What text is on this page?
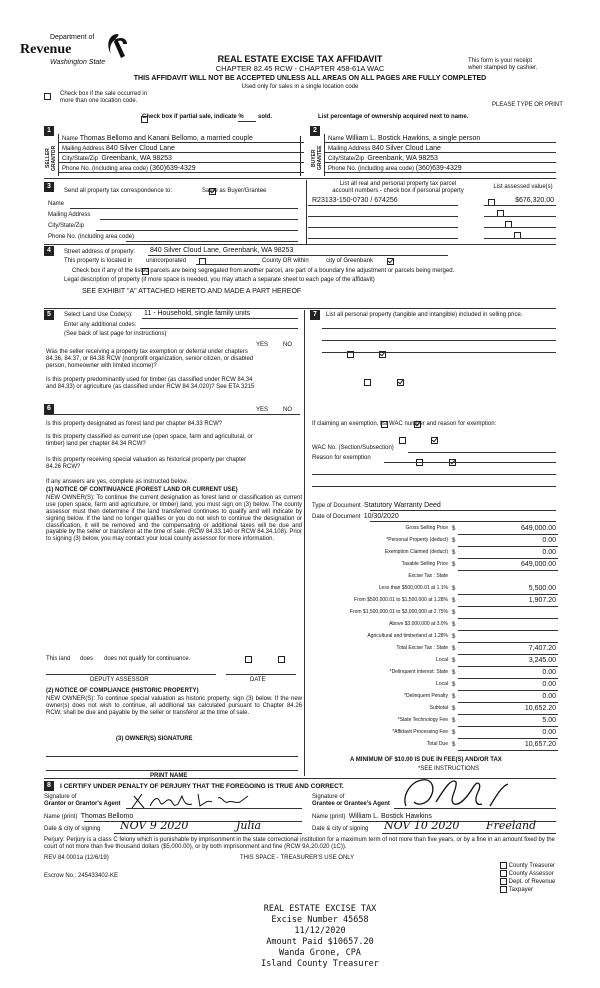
Department of
Revenue
Washington State	REAL ESTATE EXCISE TAX AFFIDAVIT
CHAPTER 82.45 RCW - CHAPTER 458-61A WAC
THIS AFFIDAVIT WILL NOT BE ACCEPTED UNLESS ALL AREAS ON ALL PAGES ARE FULLY COMPLETED
Used only for sales in a single location code
This form is your receipt
when stamped by cashier.

Check box if the sale occurred in
more than one location code.
PLEASE TYPE OR PRINT

Check box if partial sale, indicate % sold.	List percentage of ownership acquired next to name.
1
SELLER GRANTOR
Name
Thomas Bellomo and Kanani Bellomo, a married couple
Mailing Address
840 Silver Cloud Lane
City/State/Zip
Greenbank, WA 98253
Phone No. (including area code)
(360)639-4329
2
BUYER GRANTEE
Name
William L. Bostick Hawkins, a single person
Mailing Address
840 Silver Cloud Lane
City/State/Zip
Greenbank, WA 98253
Phone No. (including area code)
(360)639-4329
3
Send all property tax correspondence to:
	Same as Buyer/Grantee
Name
Mailing Address
City/State/Zip
Phone No. (including area code)
List all real and personal property tax parcel
account numbers - check box if personal property
List assessed value(s)
R23133-150-0730 / 674256
	$676,320.00
4	Street address of property: 840 Silver Cloud Lane, Greenbank, WA 98253
This property is located in
unincorporated	County OR within
	city of Greenbank

Check box if any of the listed parcels are being segregated from another parcel, are part of a boundary line adjustment or parcels being merged.
Legal description of property (if more space is needed, you may attach a separate sheet to each page of the affidavit)
SEE EXHIBIT "A" ATTACHED HERETO AND MADE A PART HEREOF
5	Select Land Use Code(s): 11 - Household, single family units
Enter any additional codes:
(See back of last page for instructions)
YES NO
Was the seller receiving a property tax exemption or deferral under chapters 84.36, 84.37, or 84.38 RCW (nonprofit organization, senior citizen, or disabled person, homeowner with limited income)?

Is this property predominantly used for timber (as classified under RCW 84.34 and 84.33) or agriculture (as classified under RCW 84.34.020)? See ETA 3215

6	YES NO
Is this property designated as forest land per chapter 84.33 RCW?

Is this property classified as current use (open space, farm and agricultural, or timber) land per chapter 84.34 RCW?

Is this property receiving special valuation as historical property per chapter 84.26 RCW?

If any answers are yes, complete as instructed below.
(1) NOTICE OF CONTINUANCE (FOREST LAND OR CURRENT USE)
NEW OWNER(S): To continue the current designation as forest land or classification as current use (open space, farm and agriculture, or timber) land, you must sign on (3) below. The county assessor must then determine if the land transferred continues to qualify and will indicate by signing below. If the land no longer qualifies or you do not wish to continue the designation or classification, it will be removed and the compensating or additional taxes will be due and payable by the seller or transferor at the time of sale. (RCW 84.33.140 or RCW 84.34.108). Prior to signing (3) below, you may contact your local county assessor for more information.
This land
does does not qualify for continuance.
DEPUTY ASSESSOR	DATE
(2) NOTICE OF COMPLIANCE (HISTORIC PROPERTY)
NEW OWNER(S): To continue special valuation as historic property, sign (3) below. If the new owner(s) does not wish to continue, all additional tax calculated pursuant to Chapter 84.26 RCW, shall be due and payable by the seller or transferor at the time of sale.
(3) OWNER(S) SIGNATURE
PRINT NAME
7	List all personal property (tangible and intangible) included in selling price.
If claiming an exemption, list WAC number and reason for exemption:
WAC No. (Section/Subsection)
Reason for exemption
Type of Document
Statutory Warranty Deed
Date of Document
10/30/2020
Gross Selling Price $	649,000.00
*Personal Property (deduct) $	0.00
Exemption Claimed (deduct) $	0.00
Taxable Selling Price $	649,000.00
Excise Tax : State
Less than $500,000.01 at 1.1% $	5,500.00
From $500,000.01 to $1,500,000 at 1.28% $	1,907.20
From $1,500,000.01 to $3,000,000 at 2.75% $
Above $3,000,000 at 3.0% $
Agricultural and timberland at 1.28% $
Total Excise Tax : State $	7,407.20
Local $	3,245.00
*Delinquent Interest: State $	0.00
Local $	0.00
*Delinquent Penalty $	0.00
Subtotal $	10,652.20
*State Technology Fee $	5.00
*Affidavit Processing Fee $	0.00
Total Due $	10,657.20
A MINIMUM OF $10.00 IS DUE IN FEE(S) AND/OR TAX
*SEE INSTRUCTIONS
8	I CERTIFY UNDER PENALTY OF PERJURY THAT THE FOREGOING IS TRUE AND CORRECT.
Signature of
Grantor or Grantor's Agent
Signature of
Grantee or Grantee's Agent
Name (print)
Thomas Bellomo	Name (print)
William L. Bostick Hawkins
Date & city of signing NOV 9 2020	Julia	Date & city of signing NOV 10 2020 Freeland
Perjury: Perjury is a class C felony which is punishable by imprisonment in the state correctional institution for a maximum term of not more than five years, or by a fine in an amount fixed by the court of not more than five thousand dollars ($5,000.00), or by both imprisonment and fine (RCW 9A.20.020 (1C)).
REV 84 0001a (12/6/19)	THIS SPACE - TREASURER'S USE ONLY
Escrow No.: 245433402-KE
County Treasurer
County Assessor
Dept. of Revenue
Taxpayer
REAL ESTATE EXCISE TAX
Excise Number 45658
11/12/2020
Amount Paid $10657.20
Wanda Grone, CPA
Island County Treasurer
